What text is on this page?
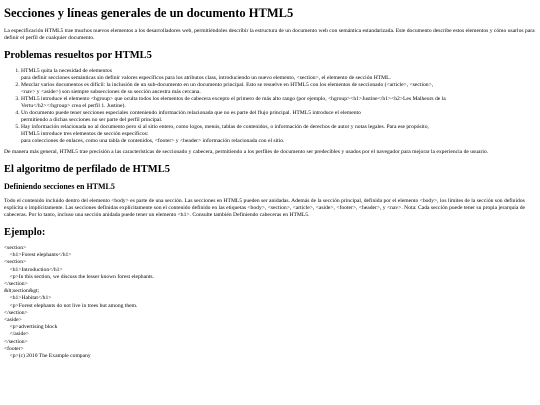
Secciones y líneas generales de un documento HTML5

La especificación HTML5 trae muchos nuevos elementos a los desarrolladores web, permitiéndoles describir la estructura de un documento web con semántica estandarizada. Este documento describe estos elementos y cómo usarlos para definir el perfil de cualquier documento.

Problemas resueltos por HTML5
1. HTML5 quita la necesidad de elementos
para definir secciones semánticas sin definir valores específicos para los atributos class, introduciendo un nuevo elemento, <section>, el elemento de sección HTML.
2. Mezclar varios documentos es difícil: la inclusión de un sub-documento en un documento principal. Esto se resuelve en HTML5 con los elementos de seccionado (<article>, <section>,
<nav> y <aside>) son siempre subsecciones de su sección ancestra más cercana.
3. HTML5 introduce el elemento <hgroup> que oculta todos los elementos de cabecera excepto el primero de más alto rango (por ejemplo, <hgroup><h1>Justine</h1><h2>Les Malheurs de la
Vertu</h2></hgroup> crea el perfil 1. Justine).
4. Un documento puede tener secciones especiales conteniendo información relacionada que no es parte del flujo principal. HTML5 introduce el elemento
permitiendo a dichas secciones no ser parte del perfil principal.
5. Hay información relacionada no al documento pero sí al sitio entero, como logos, menús, tablas de contenidos, o información de derechos de autor y notas legales. Para ese propósito,
HTML5 introduce tres elementos de sección específicos:
para colecciones de enlaces, como una tabla de contenidos, <footer> y <header> información relacionada con el sitio.

De manera más general, HTML5 trae precisión a las características de seccionado y cabecera, permitiendo a los perfiles de documento ser predecibles y usados por el navegador para mejorar la experiencia de usuario.

El algoritmo de perfilado de HTML5
Definiendo secciones en HTML5

Todo el contenido incluido dentro del elemento <body> es parte de una sección. Las secciones en HTML5 pueden ser anidadas. Además de la sección principal, definida por el elemento <body>, los límites de la sección son definidos explícita o implícitamente. Las secciones definidas explícitamente son el contenido definido en las etiquetas <body>, <section>, <article>, <aside>, <footer>, <header>, y <nav>. Nota: Cada sección puede tener su propia jerarquía de cabeceras. Por lo tanto, incluso una sección anidada puede tener un elemento <h1>. Consulte también Definiendo cabeceras en HTML5.

Ejemplo:
<section>
<h1>Forest elephants</h1>
<section>
<h1>Introduction</h1>
<p>In this section, we discuss the lesser known forest elephants.
</section>
&lt;section&gt;
<h1>Habitat</h1>
<p>Forest elephants do not live in trees but among them.
</section>
<aside>
<p>advertising block
</aside>
</section>
<footer>
<p>(c) 2010 The Example company
